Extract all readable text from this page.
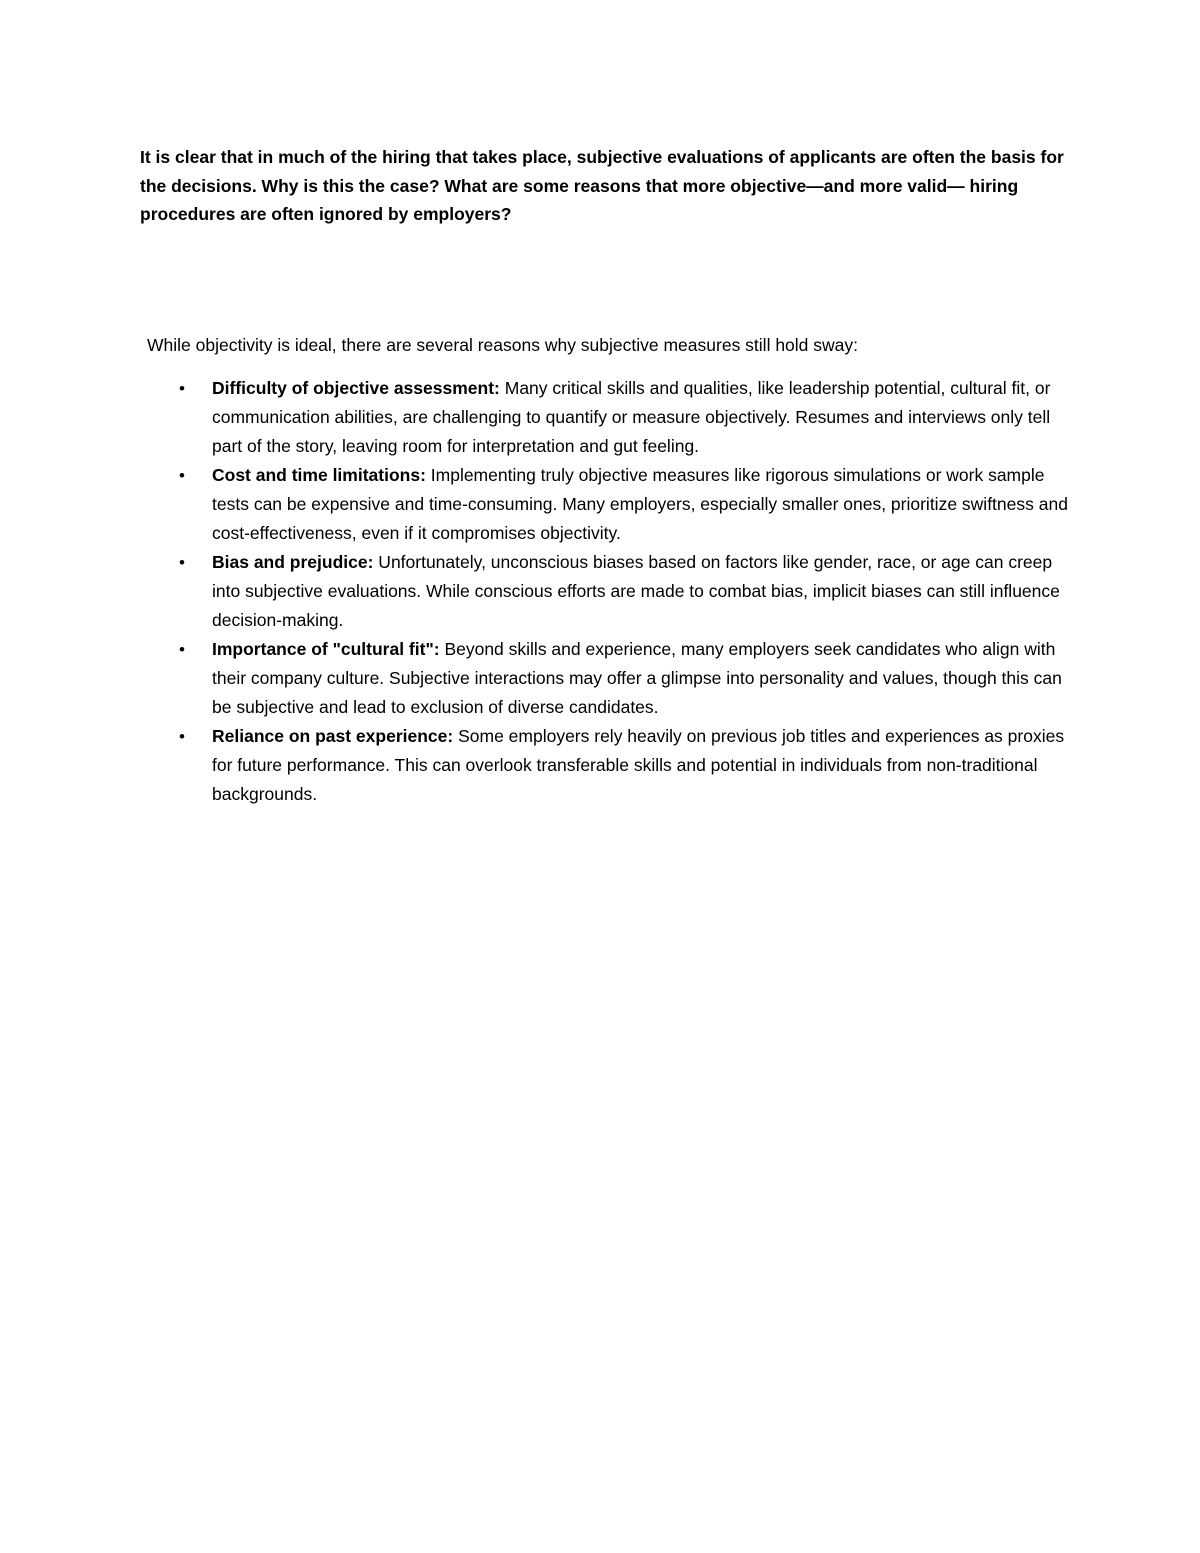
It is clear that in much of the hiring that takes place, subjective evaluations of applicants are often the basis for the decisions. Why is this the case? What are some reasons that more objective—and more valid— hiring procedures are often ignored by employers?

While objectivity is ideal, there are several reasons why subjective measures still hold sway:

• Difficulty of objective assessment: Many critical skills and qualities, like leadership potential, cultural fit, or communication abilities, are challenging to quantify or measure objectively. Resumes and interviews only tell part of the story, leaving room for interpretation and gut feeling.
• Cost and time limitations: Implementing truly objective measures like rigorous simulations or work sample tests can be expensive and time-consuming. Many employers, especially smaller ones, prioritize swiftness and cost-effectiveness, even if it compromises objectivity.
• Bias and prejudice: Unfortunately, unconscious biases based on factors like gender, race, or age can creep into subjective evaluations. While conscious efforts are made to combat bias, implicit biases can still influence decision-making.
• Importance of "cultural fit": Beyond skills and experience, many employers seek candidates who align with their company culture. Subjective interactions may offer a glimpse into personality and values, though this can be subjective and lead to exclusion of diverse candidates.
• Reliance on past experience: Some employers rely heavily on previous job titles and experiences as proxies for future performance. This can overlook transferable skills and potential in individuals from non-traditional backgrounds.
